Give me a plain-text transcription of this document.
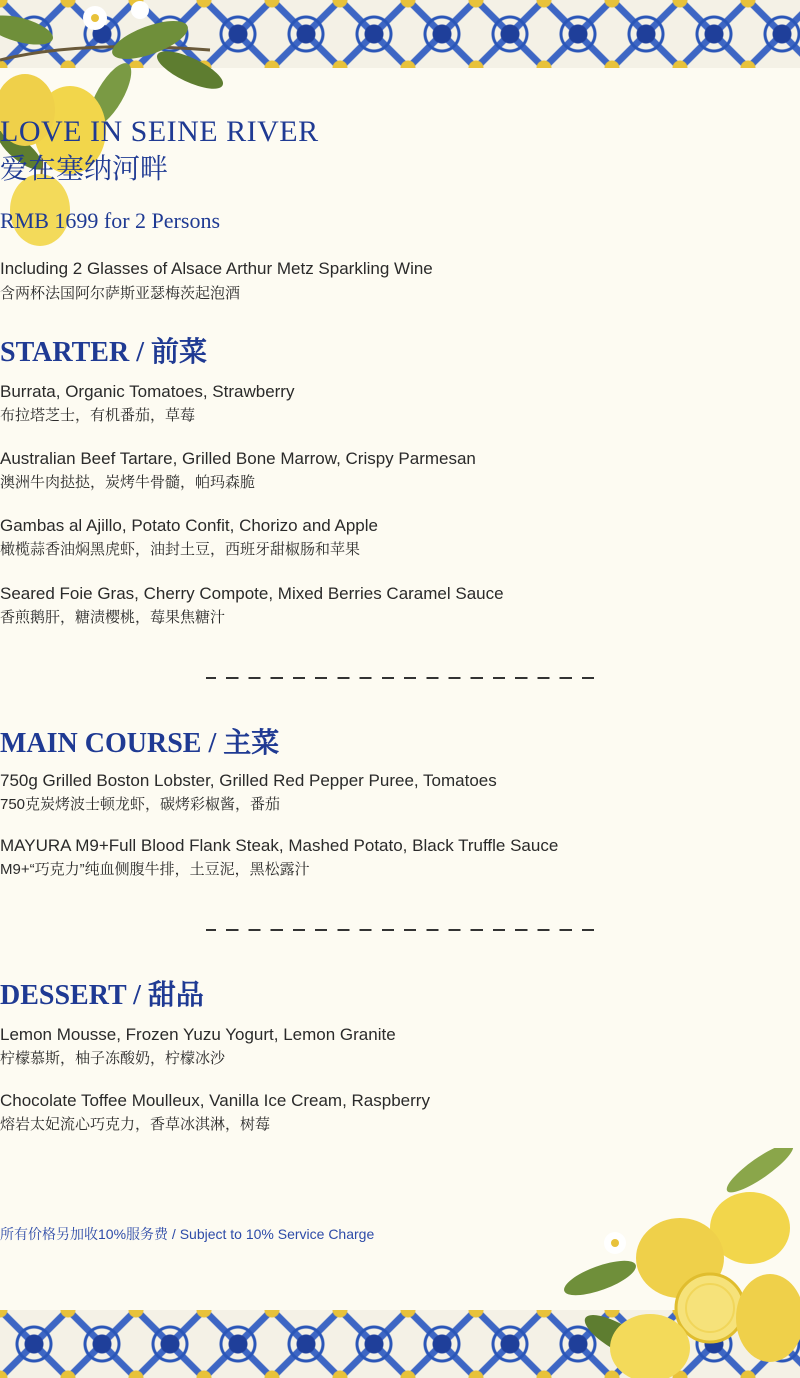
LOVE IN SEINE RIVER
爱在塞纳河畔
RMB 1699 for 2 Persons
Including 2 Glasses of Alsace Arthur Metz Sparkling Wine
含两杯法国阿尔萨斯亚瑟梅茨起泡酒
STARTER / 前菜
Burrata, Organic Tomatoes, Strawberry
布拉塔芝士，有机番茄，草莓
Australian Beef Tartare, Grilled Bone Marrow, Crispy Parmesan
澳洲牛肉挞挞，炭烤牛骨髓，帕玛森脆
Gambas al Ajillo, Potato Confit, Chorizo and Apple
橄榄蒜香油焖黑虎虾，油封土豆，西班牙甜椒肠和苹果
Seared Foie Gras, Cherry Compote, Mixed Berries Caramel Sauce
香煎鹅肝，糖渍樱桃，莓果焦糖汁
MAIN COURSE / 主菜
750g Grilled Boston Lobster, Grilled Red Pepper Puree, Tomatoes
750克炭烤波士顿龙虾，碳烤彩椒酱，番茄
MAYURA M9+Full Blood Flank Steak, Mashed Potato, Black Truffle Sauce
M9+“巧克力”纯血侧腹牛排，土豆泥，黑松露汁
DESSERT / 甜品
Lemon Mousse, Frozen Yuzu Yogurt, Lemon Granite
柠檬慕斯，柚子冻酸奶，柠檬冰沙
Chocolate Toffee Moulleux, Vanilla Ice Cream, Raspberry
熔岩太妃流心巧克力，香草冰淇淋，树莓
所有价格另加收10%服务费 / Subject to 10% Service Charge
